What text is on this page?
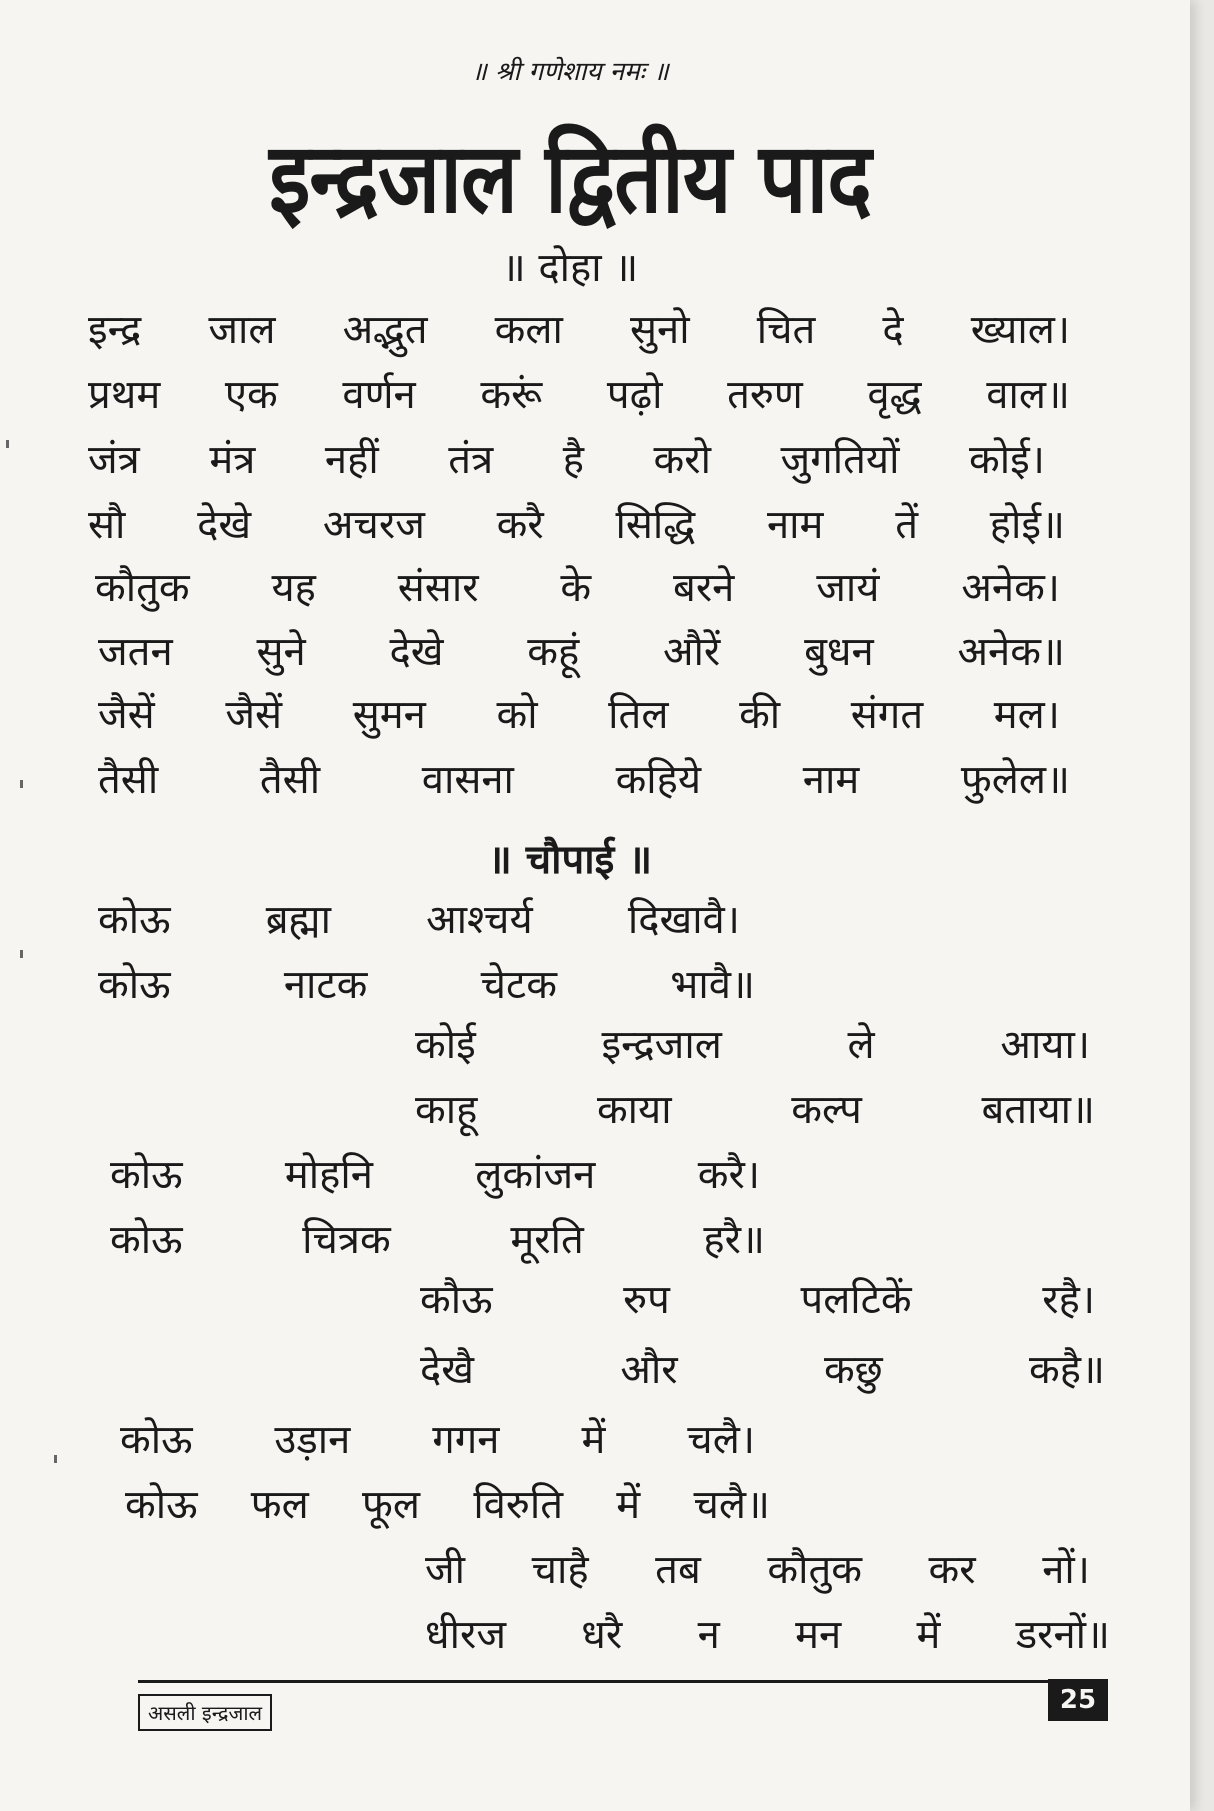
॥ श्री गणेशाय नमः ॥
इन्द्रजाल द्वितीय पाद
॥ दोहा ॥
इन्द्र जाल अद्भुत कला सुनो चित दे ख्याल।
प्रथम एक वर्णन करूं पढ़ो तरुण वृद्ध वाल॥
जंत्र मंत्र नहीं तंत्र है करो जुगतियों कोई।
सौ देखे अचरज करै सिद्धि नाम तें होई॥
कौतुक यह संसार के बरने जायं अनेक।
जतन सुने देखे कहूं औरें बुधन अनेक॥
जैसें जैसें सुमन को तिल की संगत मल।
तैसी	तैसी	वासना	कहिये	नाम	फुलेल॥
॥ चौपाई ॥
कोऊ ब्रह्मा आश्चर्य दिखावै।
कोऊ	नाटक	चेटक	भावै॥
कोई	इन्द्रजाल	ले	आया।
काहू	काया	कल्प	बताया॥
कोऊ	मोहनि	लुकांजन	करै।
कोऊ	चित्रक	मूरति	हरै॥
कौऊ	रुप	पलटिकें	रहै।
देखै	और	कछु	कहै॥
कोऊ उड़ान गगन में चलै।
कोऊ फल फूल विरुति में चलै॥
जी चाहै तब कौतुक कर नों।
धीरज धरै न मन में डरनों॥
असली इन्द्रजाल	25
